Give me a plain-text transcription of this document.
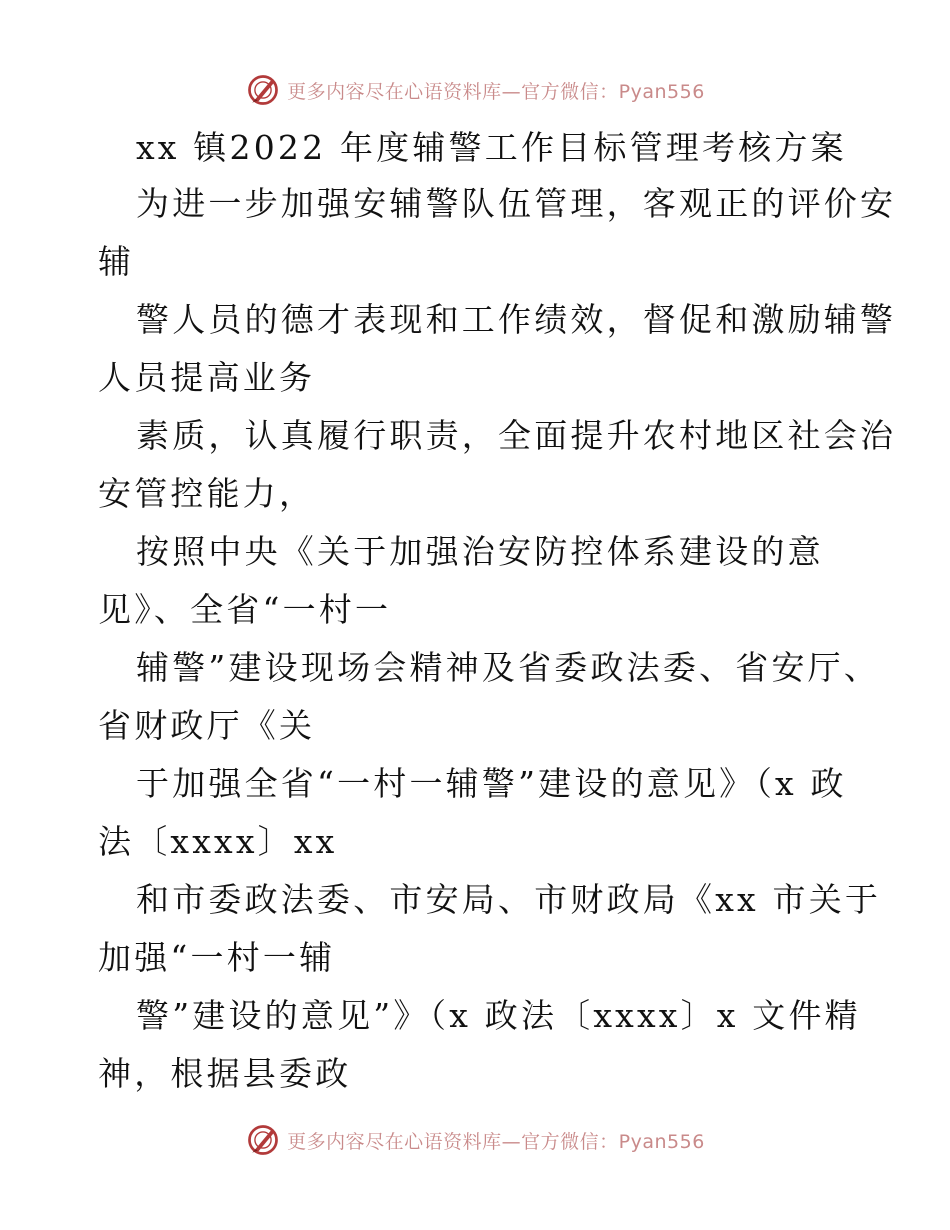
更多内容尽在心语资料库—官方微信：Pyan556
xx 镇2022 年度辅警工作目标管理考核方案
为进一步加强安辅警队伍管理，客观正的评价安
辅
警人员的德才表现和工作绩效，督促和激励辅警
人员提高业务
素质，认真履行职责，全面提升农村地区社会治
安管控能力，
按照中央《关于加强治安防控体系建设的意
见》、全省“一村一
辅警”建设现场会精神及省委政法委、省安厅、
省财政厅《关
于加强全省“一村一辅警”建设的意见》（x 政
法〔xxxx〕xx
和市委政法委、市安局、市财政局《xx 市关于
加强“一村一辅
警”建设的意见”》（x 政法〔xxxx〕x 文件精
神，根据县委政
更多内容尽在心语资料库—官方微信：Pyan556
